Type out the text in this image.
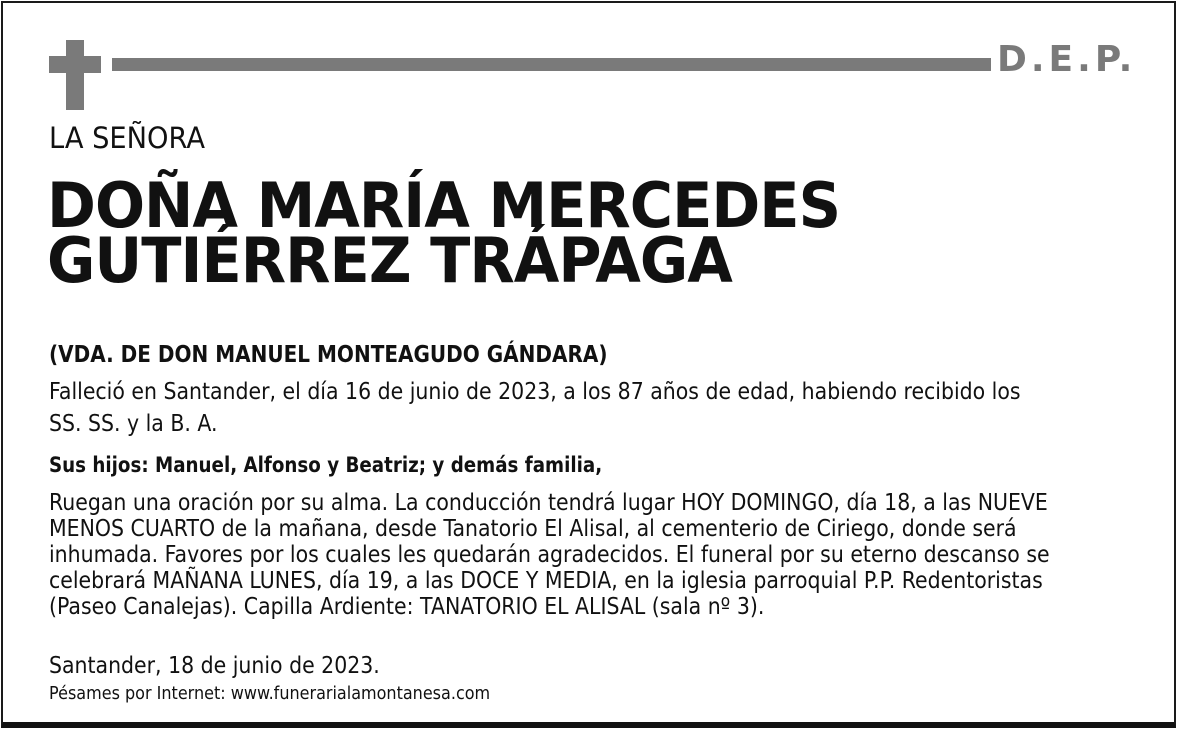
D.E.P.
LA SEÑORA
DOÑA MARÍA MERCEDES
GUTIÉRREZ TRÁPAGA
(VDA. DE DON MANUEL MONTEAGUDO GÁNDARA)
Falleció en Santander, el día 16 de junio de 2023, a los 87 años de edad, habiendo recibido los
SS. SS. y la B. A.
Sus hijos: Manuel, Alfonso y Beatriz; y demás familia,
Ruegan una oración por su alma. La conducción tendrá lugar HOY DOMINGO, día 18, a las NUEVE
MENOS CUARTO de la mañana, desde Tanatorio El Alisal, al cementerio de Ciriego, donde será
inhumada. Favores por los cuales les quedarán agradecidos. El funeral por su eterno descanso se
celebrará MAÑANA LUNES, día 19, a las DOCE Y MEDIA, en la iglesia parroquial P.P. Redentoristas
(Paseo Canalejas). Capilla Ardiente: TANATORIO EL ALISAL (sala nº 3).
Santander, 18 de junio de 2023.
Pésames por Internet: www.funerarialamontanesa.com
